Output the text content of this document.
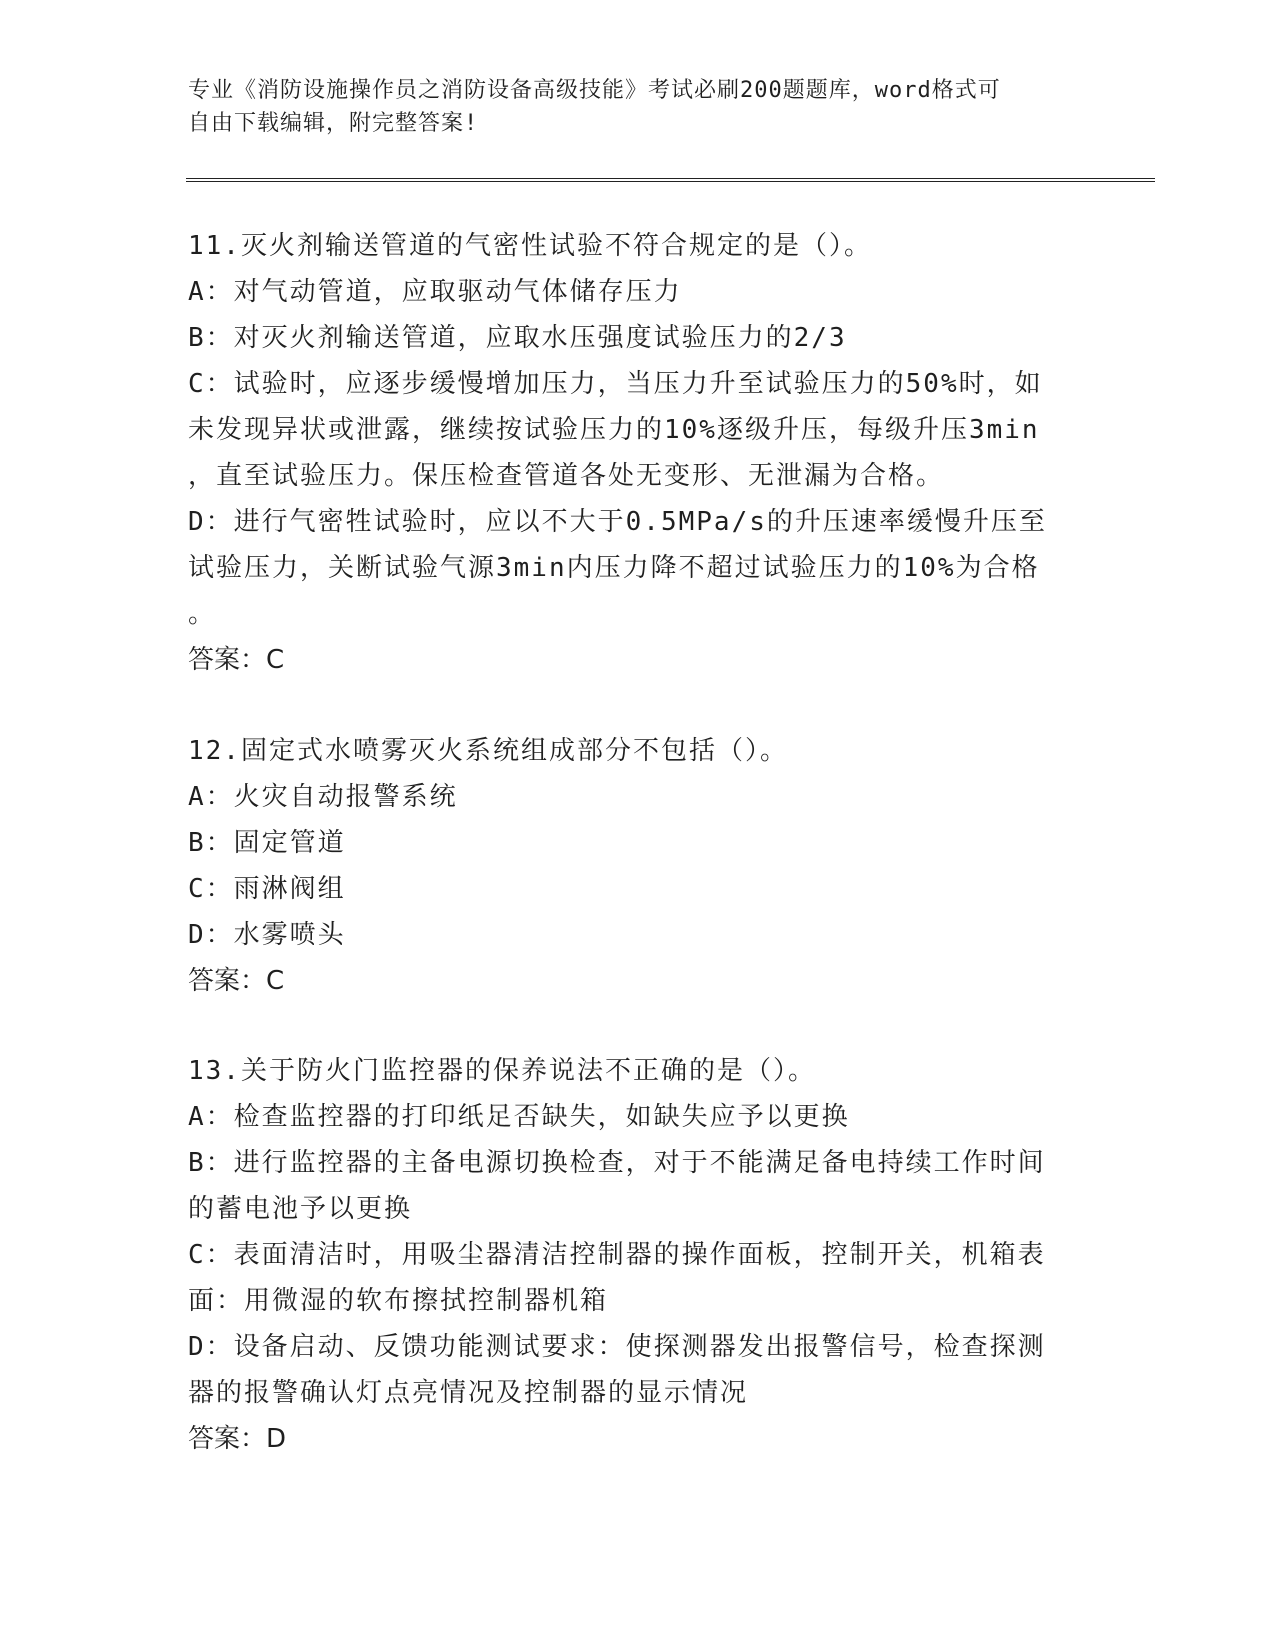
专业《消防设施操作员之消防设备高级技能》考试必刷200题题库，word格式可
自由下载编辑，附完整答案!
11.灭火剂输送管道的气密性试验不符合规定的是（）。
A：对气动管道，应取驱动气体储存压力
B：对灭火剂输送管道，应取水压强度试验压力的2/3
C：试验时，应逐步缓慢增加压力，当压力升至试验压力的50%时，如
未发现异状或泄露，继续按试验压力的10%逐级升压，每级升压3min
，直至试验压力。保压检查管道各处无变形、无泄漏为合格。
D：进行气密牲试验时，应以不大于0.5MPa/s的升压速率缓慢升压至
试验压力，关断试验气源3min内压力降不超过试验压力的10%为合格
。
答案：C
12.固定式水喷雾灭火系统组成部分不包括（）。
A：火灾自动报警系统
B：固定管道
C：雨淋阀组
D：水雾喷头
答案：C
13.关于防火门监控器的保养说法不正确的是（）。
A：检查监控器的打印纸足否缺失，如缺失应予以更换
B：进行监控器的主备电源切换检查，对于不能满足备电持续工作时间
的蓄电池予以更换
C：表面清洁时，用吸尘器清洁控制器的操作面板，控制开关，机箱表
面：用微湿的软布擦拭控制器机箱
D：设备启动、反馈功能测试要求：使探测器发出报警信号，检查探测
器的报警确认灯点亮情况及控制器的显示情况
答案：D
